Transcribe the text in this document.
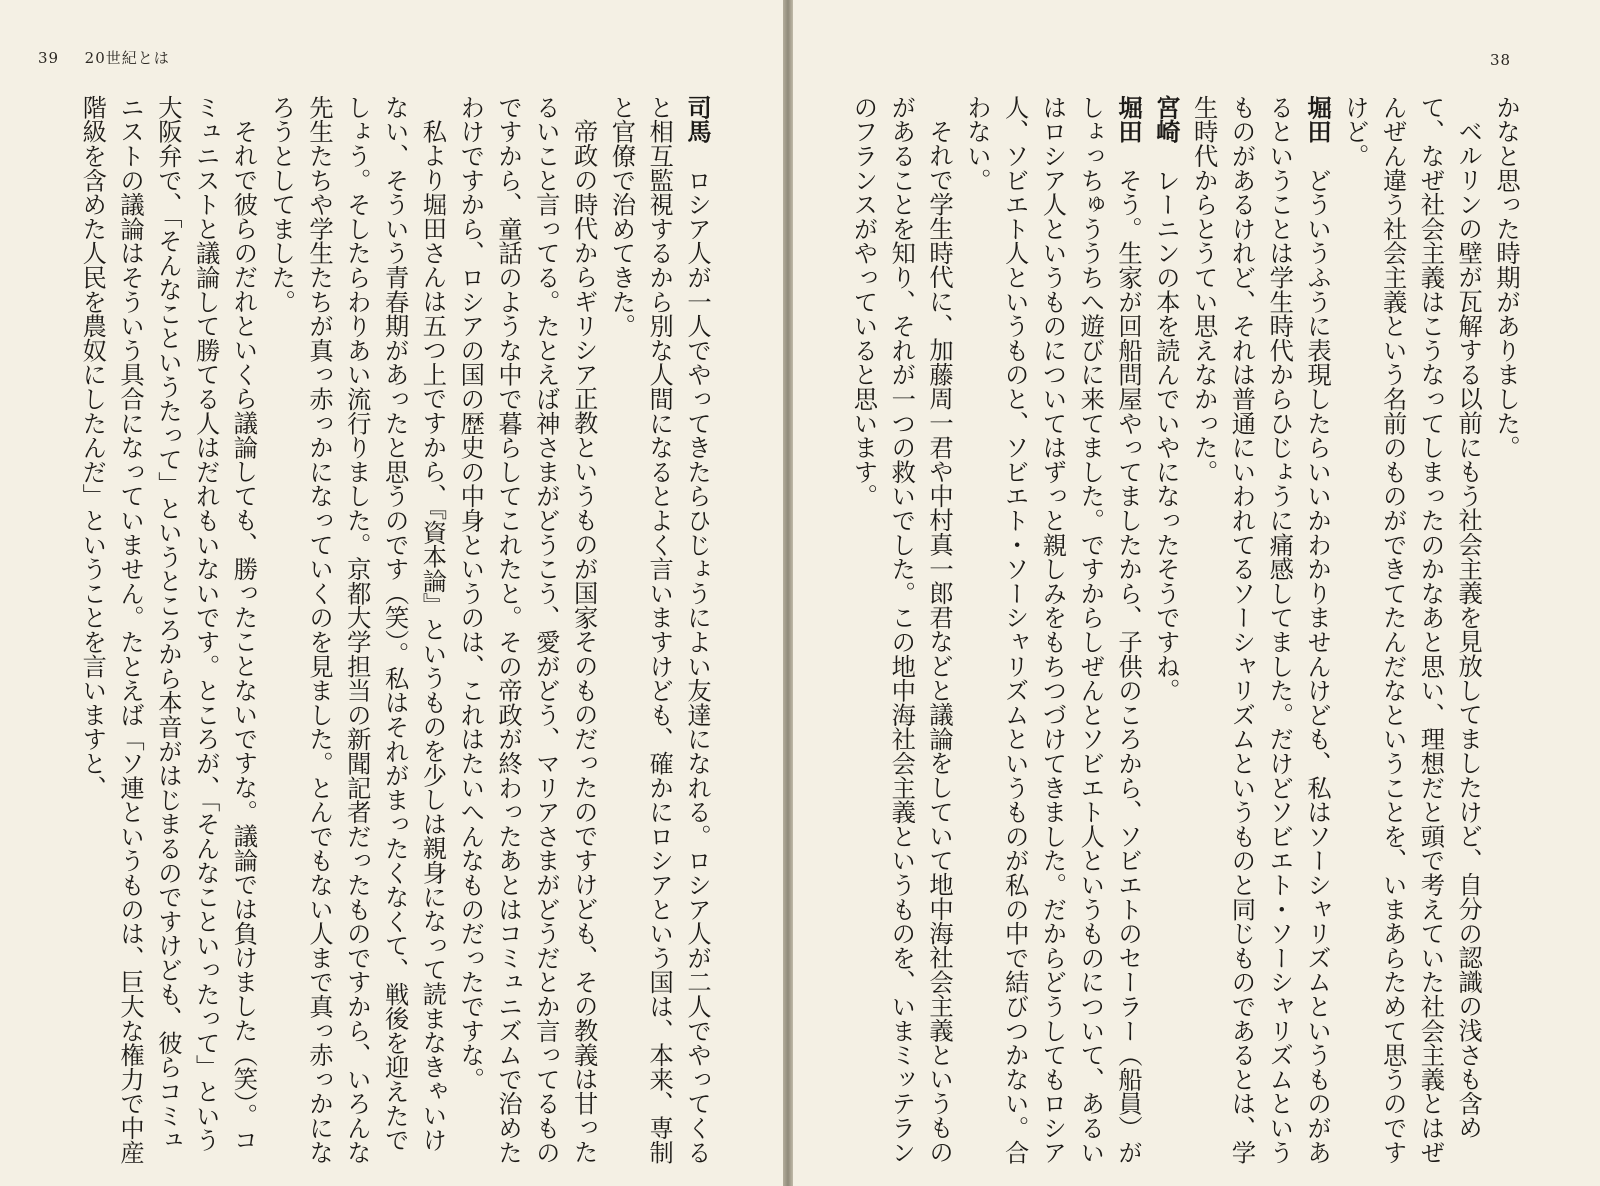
39 20世紀とは

司馬ロシア人が一人でやってきたらひじょうによい友達になれる。ロシア人が二人でやってくると相互監視するから別な人間になるとよく言いますけども、確かにロシアという国は、本来、専制と官僚で治めてきた。

帝政の時代からギリシア正教というものが国家そのものだったのですけども、その教義は甘ったるいこと言ってる。たとえば神さまがどうこう、愛がどう、マリアさまがどうだとか言ってるものですから、童話のような中で暮らしてこれたと。その帝政が終わったあとはコミュニズムで治めたわけですから、ロシアの国の歴史の中身というのは、これはたいへんなものだったですな。

私より堀田さんは五つ上ですから、『資本論』というものを少しは親身になって読まなきゃいけない、そういう青春期があったと思うのです（笑）。私はそれがまったくなくて、戦後を迎えたでしょう。そしたらわりあい流行りました。京都大学担当の新聞記者だったものですから、いろんな先生たちや学生たちが真っ赤っかになっていくのを見ました。とんでもない人まで真っ赤っかになろうとしてました。

それで彼らのだれといくら議論しても、勝ったことないですな。議論では負けました（笑）。コミュニストと議論して勝てる人はだれもいないです。ところが、「そんなこといったって」という大阪弁で、「そんなこというたって」というところから本音がはじまるのですけども、彼らコミュニストの議論はそういう具合になっていません。たとえば「ソ連というものは、巨大な権力で中産階級を含めた人民を農奴にしたんだ」ということを言いますと、

38

かなと思った時期がありました。

ベルリンの壁が瓦解する以前にもう社会主義を見放してましたけど、自分の認識の浅さも含めて、なぜ社会主義はこうなってしまったのかなあと思い、理想だと頭で考えていた社会主義とはぜんぜん違う社会主義という名前のものができてたんだなということを、いまあらためて思うのですけど。

堀田どういうふうに表現したらいいかわかりませんけども、私はソーシャリズムというものがあるということは学生時代からひじょうに痛感してました。だけどソビエト・ソーシャリズムというものがあるけれど、それは普通にいわれてるソーシャリズムというものと同じものであるとは、学生時代からとうてい思えなかった。

宮崎レーニンの本を読んでいやになったそうですね。

堀田そう。生家が回船問屋やってましたから、子供のころから、ソビエトのセーラー（船員）がしょっちゅううちへ遊びに来てました。ですからしぜんとソビエト人というものについて、あるいはロシア人というものについてはずっと親しみをもちつづけてきました。だからどうしてもロシア人、ソビエト人というものと、ソビエト・ソーシャリズムというものが私の中で結びつかない。合わない。

それで学生時代に、加藤周一君や中村真一郎君などと議論をしていて地中海社会主義というものがあることを知り、それが一つの救いでした。この地中海社会主義というものを、いまミッテランのフランスがやっていると思います。
